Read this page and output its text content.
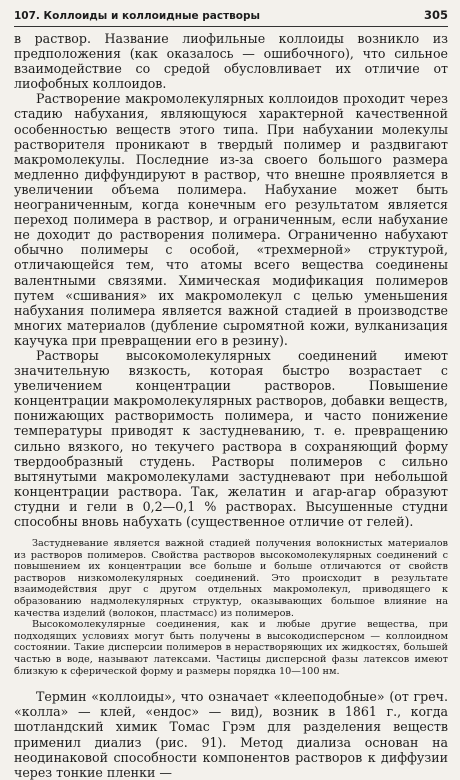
107. Коллоиды и коллоидные растворы	305

в раствор. Название лиофильные коллоиды возникло из предположения (как оказалось — ошибочного), что сильное взаимодействие со средой обусловливает их отличие от лиофобных коллоидов.

Растворение макромолекулярных коллоидов проходит через стадию набухания, являющуюся характерной качественной особенностью веществ этого типа. При набухании молекулы растворителя проникают в твердый полимер и раздвигают макромолекулы. Последние из-за своего большого размера медленно диффундируют в раствор, что внешне проявляется в увеличении объема полимера. Набухание может быть неограниченным, когда конечным его результатом является переход полимера в раствор, и ограниченным, если набухание не доходит до растворения полимера. Ограниченно набухают обычно полимеры с особой, «трехмерной» структурой, отличающейся тем, что атомы всего вещества соединены валентными связями. Химическая модификация полимеров путем «сшивания» их макромолекул с целью уменьшения набухания полимера является важной стадией в производстве многих материалов (дубление сыромятной кожи, вулканизация каучука при превращении его в резину).

Растворы высокомолекулярных соединений имеют значительную вязкость, которая быстро возрастает с увеличением концентрации растворов. Повышение концентрации макромолекулярных растворов, добавки веществ, понижающих растворимость полимера, и часто понижение температуры приводят к застудневанию, т. е. превращению сильно вязкого, но текучего раствора в сохраняющий форму твердообразный студень. Растворы полимеров с сильно вытянутыми макромолекулами застудневают при небольшой концентрации раствора. Так, желатин и агар-агар образуют студни и гели в 0,2—0,1 % растворах. Высушенные студни способны вновь набухать (существенное отличие от гелей).

Застудневание является важной стадией получения волокнистых материалов из растворов полимеров. Свойства растворов высокомолекулярных соединений с повышением их концентрации все больше и больше отличаются от свойств растворов низкомолекулярных соединений. Это происходит в результате взаимодействия друг с другом отдельных макромолекул, приводящего к образованию надмолекулярных структур, оказывающих большое влияние на качества изделий (волокон, пластмасс) из полимеров.

Высокомолекулярные соединения, как и любые другие вещества, при подходящих условиях могут быть получены в высокодисперсном — коллоидном состоянии. Такие дисперсии полимеров в нерастворяющих их жидкостях, большей частью в воде, называют латексами. Частицы дисперсной фазы латексов имеют близкую к сферической форму и размеры порядка 10—100 нм.

Термин «коллоиды», что означает «клееподобные» (от греч. «колла» — клей, «ендос» — вид), возник в 1861 г., когда шотландский химик Томас Грэм для разделения веществ применил диализ (рис. 91). Метод диализа основан на неодинаковой способности компонентов растворов к диффузии через тонкие пленки —
